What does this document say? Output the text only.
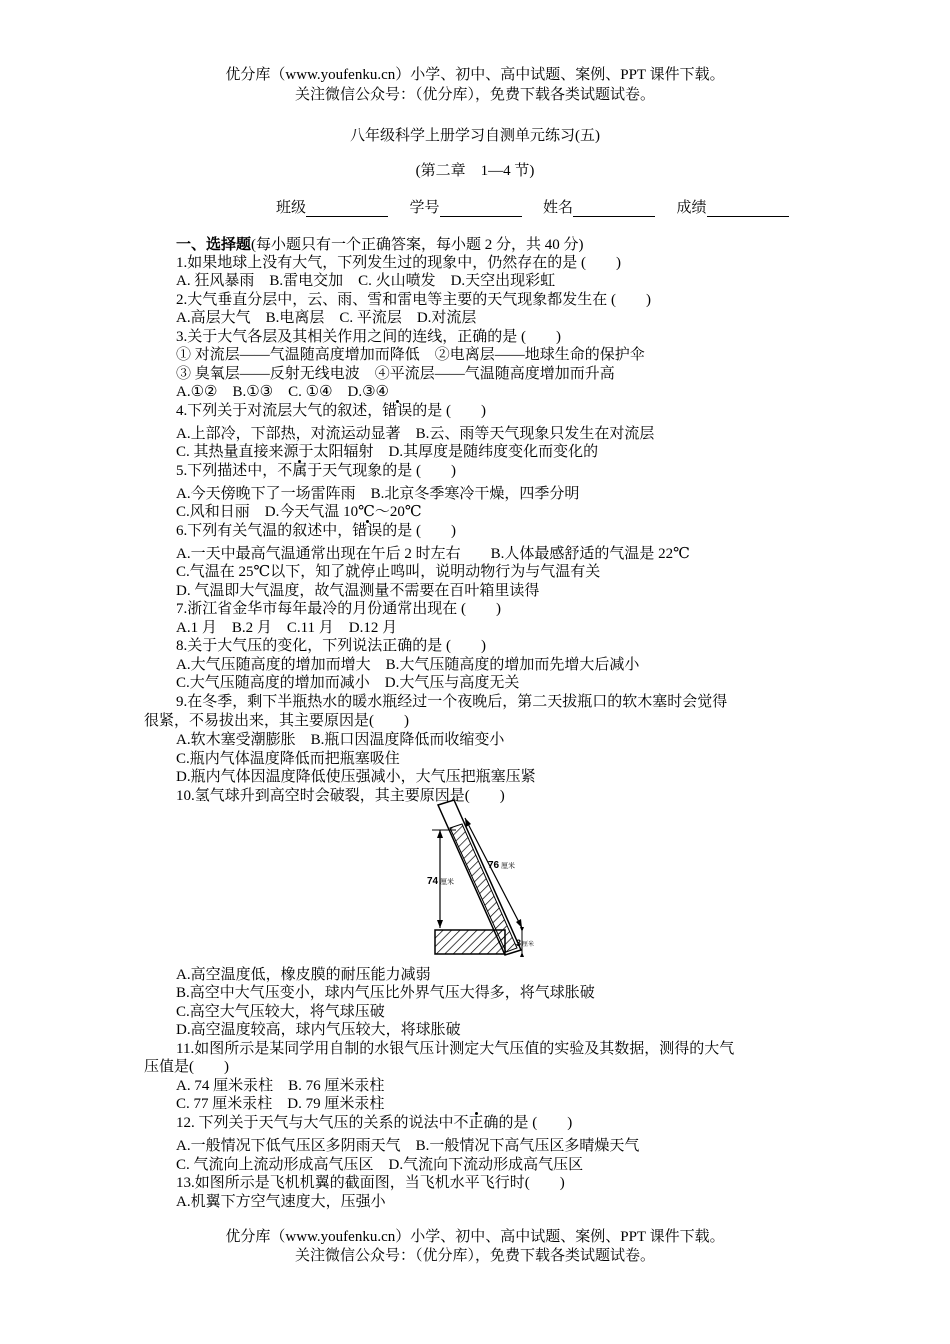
优分库（www.youfenku.cn）小学、初中、高中试题、案例、PPT 课件下载。
关注微信公众号：（优分库），免费下载各类试题试卷。
八年级科学上册学习自测单元练习(五)
(第二章　1—4 节)
班级	学号	姓名	成绩
一、选择题(每小题只有一个正确答案，每小题 2 分，共 40 分)
1.如果地球上没有大气，下列发生过的现象中，仍然存在的是 (　　)
A. 狂风暴雨　B.雷电交加　C. 火山喷发　D.天空出现彩虹
2.大气垂直分层中，云、雨、雪和雷电等主要的天气现象都发生在 (　　)
A.高层大气　B.电离层　C. 平流层　D.对流层
3.关于大气各层及其相关作用之间的连线，正确的是 (　　)
① 对流层——气温随高度增加而降低　②电离层——地球生命的保护伞
③ 臭氧层——反射无线电波　④平流层——气温随高度增加而升高
A.①②　B.①③　C. ①④　D.③④
4.下列关于对流层大气的叙述，错误的是 (　　)
A.上部冷，下部热，对流运动显著　B.云、雨等天气现象只发生在对流层
C. 其热量直接来源于太阳辐射　D.其厚度是随纬度变化而变化的
5.下列描述中，不属于天气现象的是 (　　)
A.今天傍晚下了一场雷阵雨　B.北京冬季寒冷干燥，四季分明
C.风和日丽　D.今天气温 10℃～20℃
6.下列有关气温的叙述中，错误的是 (　　)
A.一天中最高气温通常出现在午后 2 时左右　　B.人体最感舒适的气温是 22℃
C.气温在 25℃以下，知了就停止鸣叫，说明动物行为与气温有关
D. 气温即大气温度，故气温测量不需要在百叶箱里读得
7.浙江省金华市每年最冷的月份通常出现在 (　　)
A.1 月　B.2 月　C.11 月　D.12 月
8.关于大气压的变化，下列说法正确的是 (　　)
A.大气压随高度的增加而增大　B.大气压随高度的增加而先增大后减小
C.大气压随高度的增加而减小　D.大气压与高度无关
9.在冬季，剩下半瓶热水的暖水瓶经过一个夜晚后，第二天拔瓶口的软木塞时会觉得
很紧，不易拔出来，其主要原因是(　　)
A.软木塞受潮膨胀　B.瓶口因温度降低而收缩变小
C.瓶内气体温度降低而把瓶塞吸住
D.瓶内气体因温度降低使压强减小，大气压把瓶塞压紧
10.氢气球升到高空时会破裂，其主要原因是(　　)
74 厘米
76 厘米
3 厘米
A.高空温度低，橡皮膜的耐压能力减弱
B.高空中大气压变小，球内气压比外界气压大得多，将气球胀破
C.高空大气压较大，将气球压破
D.高空温度较高，球内气压较大，将球胀破
11.如图所示是某同学用自制的水银气压计测定大气压值的实验及其数据，测得的大气
压值是(　　)
A. 74 厘米汞柱　B. 76 厘米汞柱
C. 77 厘米汞柱　D. 79 厘米汞柱
12. 下列关于天气与大气压的关系的说法中不正确的是 (　　)
A.一般情况下低气压区多阴雨天气　B.一般情况下高气压区多晴燥天气
C. 气流向上流动形成高气压区　D.气流向下流动形成高气压区
13.如图所示是飞机机翼的截面图，当飞机水平飞行时(　　)
A.机翼下方空气速度大，压强小
优分库（www.youfenku.cn）小学、初中、高中试题、案例、PPT 课件下载。
关注微信公众号：（优分库），免费下载各类试题试卷。
